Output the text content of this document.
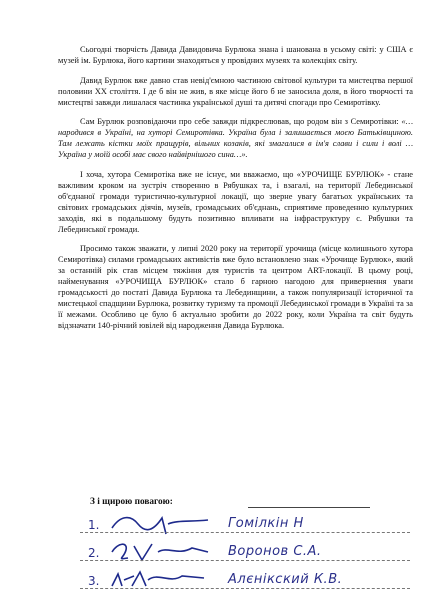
Сьогодні творчість Давида Давидовича Бурлюка знана і шанована в усьому світі: у США є музей ім. Бурлюка, його картини знаходяться у провідних музеях та колекціях світу.

Давид Бурлюк вже давно став невід'ємною частиною світової культури та мистецтва першої половини XX століття. І де б він не жив, в яке місце його б не заносила доля, в його творчості та мистецтві завжди лишалася частинка української душі та дитячі спогади про Семиротівку.

Сам Бурлюк розповідаючи про себе завжди підкреслював, що родом він з Семиротівки: «…народився в Україні, на хуторі Семиротівка. Україна була і залишається моєю Батьківщиною. Там лежать кістки моїх пращурів, вільних козаків, які змагалися в ім'я слави і сили і волі … Україна у моїй особі має свого найвірнішого сина…».

І хоча, хутора Семиротіка вже не існує, ми вважаємо, що «УРОЧИЩЕ БУРЛЮК» - стане важливим кроком на зустріч створенню в Рябушках та, і взагалі, на території Лебединської об'єднаної громади туристично-культурної локації, що зверне увагу багатьох українських та світових громадських діячів, музеїв, громадських об'єднань, сприятиме проведенню культурних заходів, які в подальшому будуть позитивно впливати на інфраструктуру с. Рябушки та Лебединської громади.

Просимо також зважати, у липні 2020 року на території урочища (місце колишнього хутора Семиротівка) силами громадських активістів вже було встановлено знак «Урочище Бурлюк», який за останній рік став місцем тяжіння для туристів та центром ART-локації. В цьому році, найменування «УРОЧИЩА БУРЛЮК» стало б гарною нагодою для привернення уваги громадськості до постаті Давида Бурлюка та Лебединщини, а також популяризації історичної та мистецької спадщини Бурлюка, розвитку туризму та промоції Лебединської громади в Україні та за її межами. Особливо це було б актуально зробити до 2022 року, коли Україна та світ будуть відзначати 140-річний ювілей від народження Давида Бурлюка.

З і щирою повагою:
1.	Гомілкін Н
2.	Воронов С.А.
3.	Алєнікский К.В.
